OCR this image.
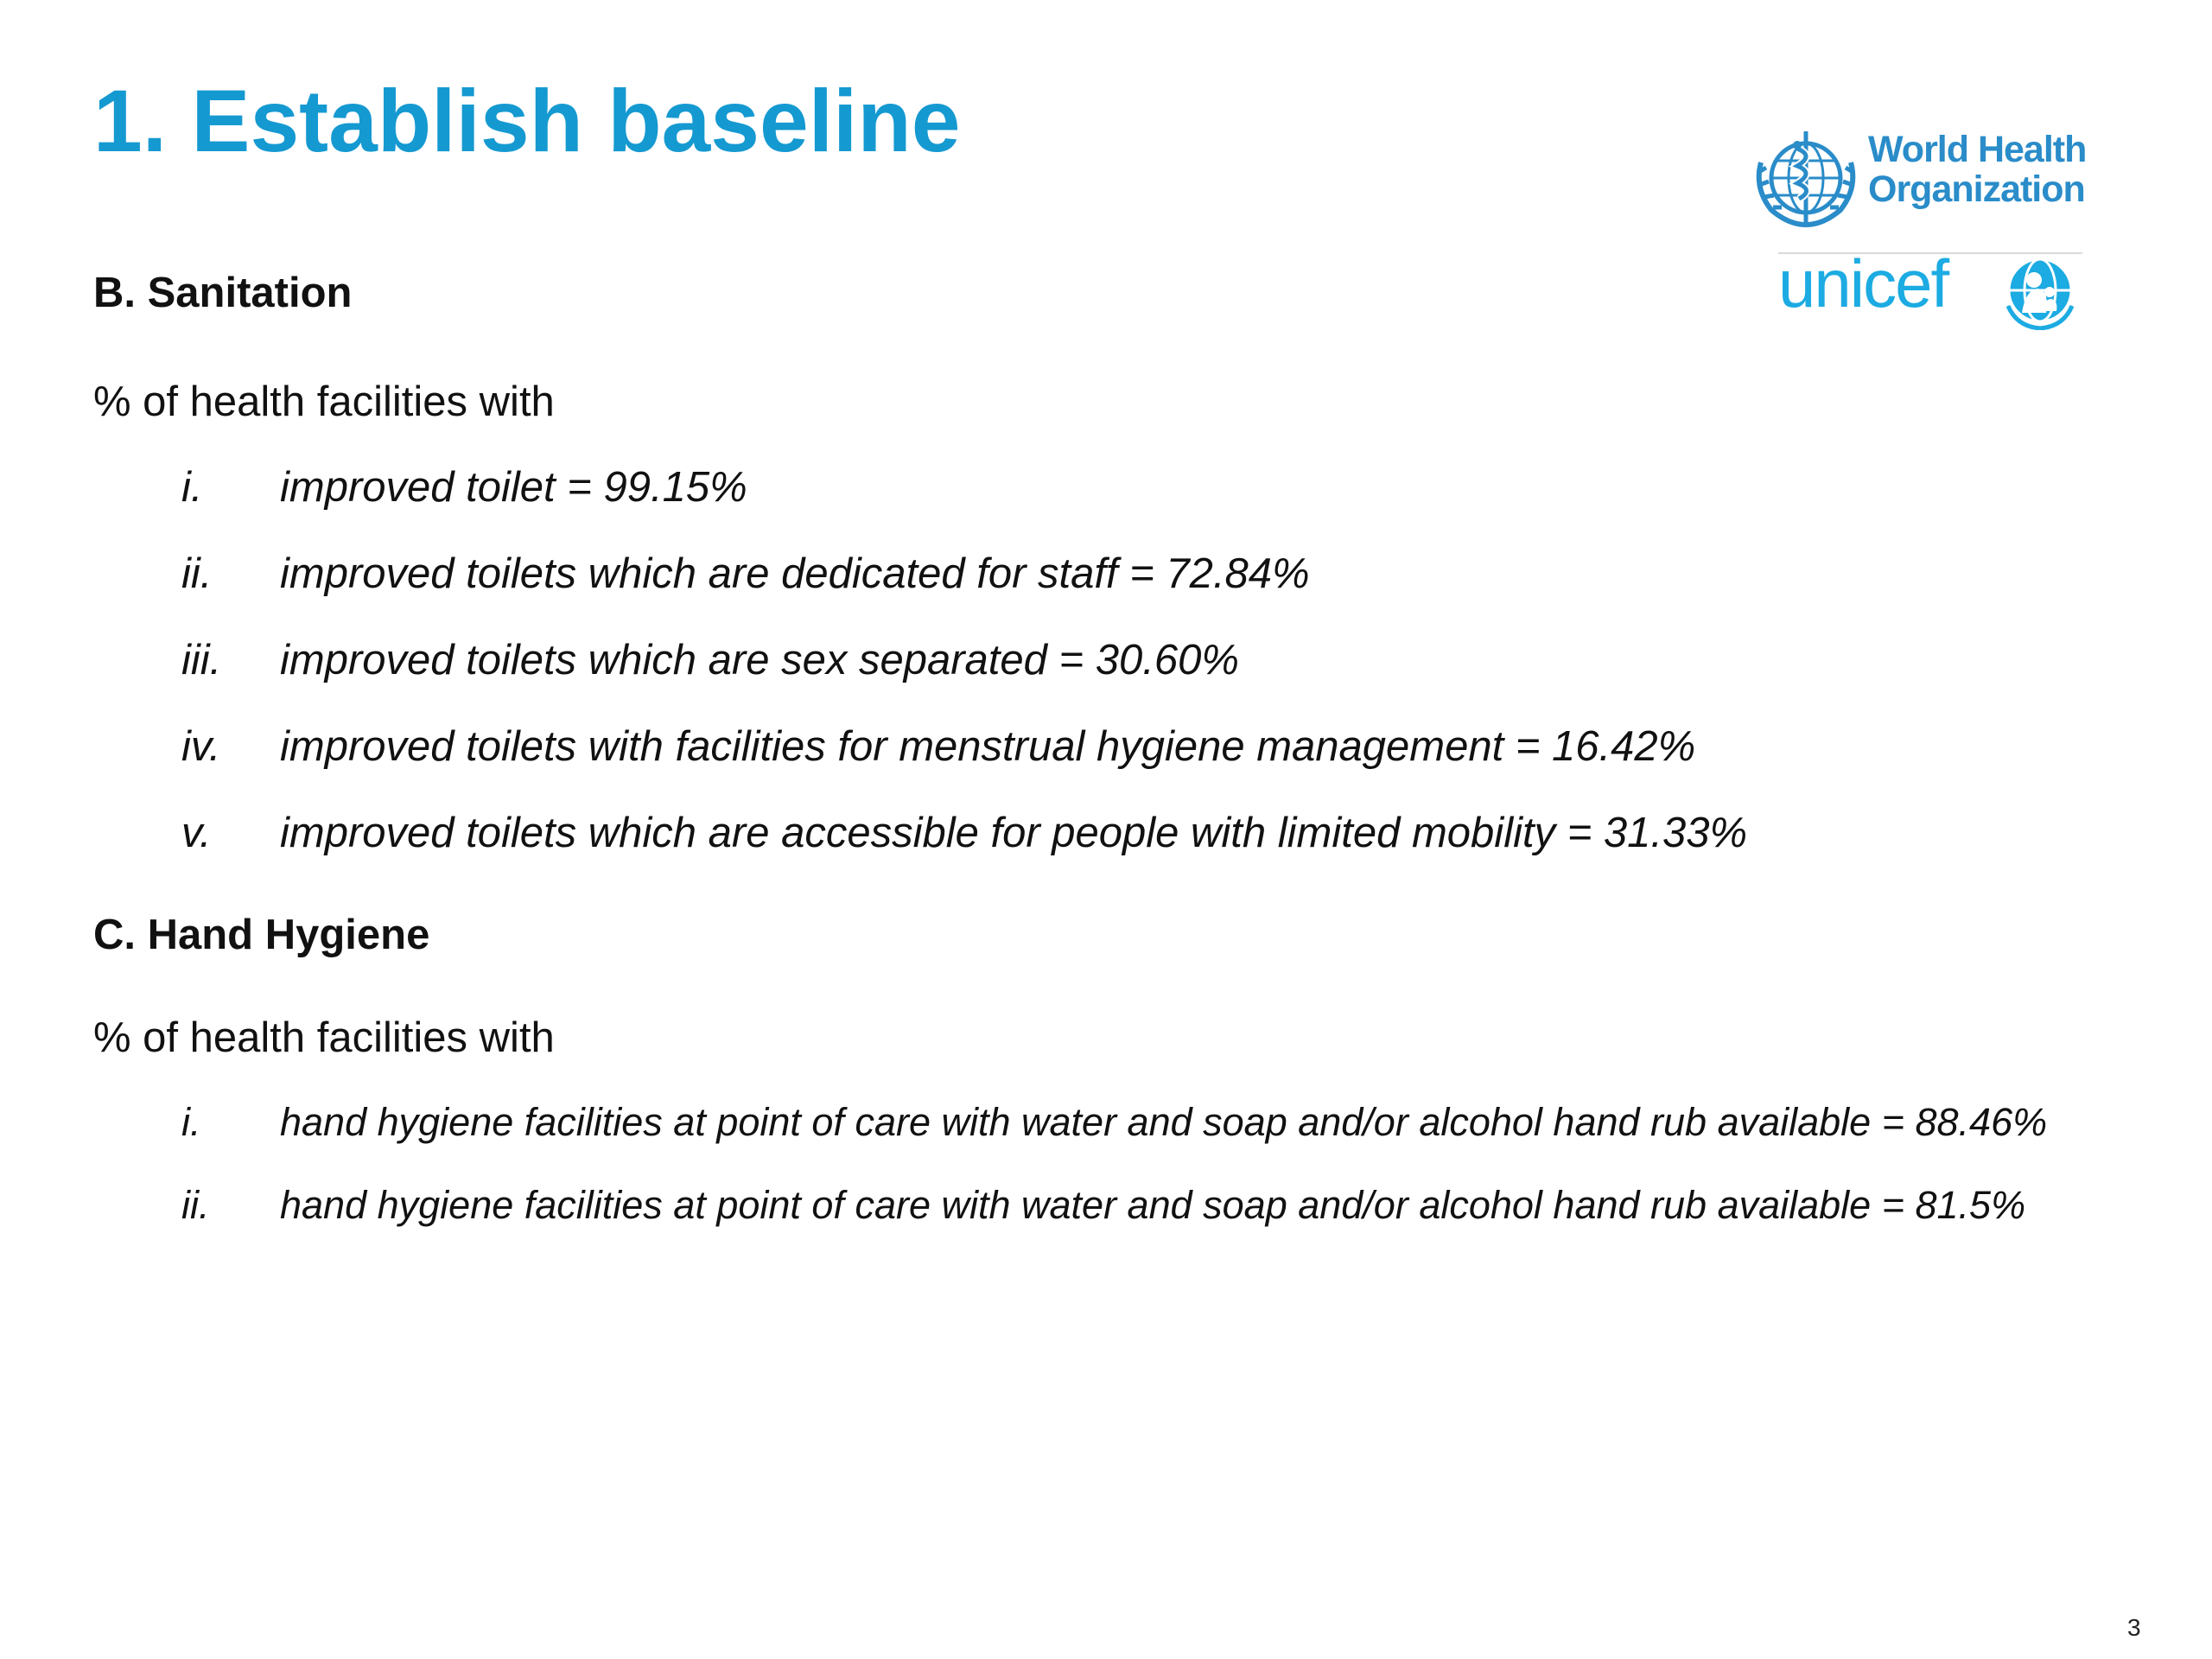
1. Establish baseline	World Health
Organization
unicef
B. Sanitation

% of health facilities with

i. improved toilet = 99.15%
ii. improved toilets which are dedicated for staff = 72.84%
iii. improved toilets which are sex separated = 30.60%
iv. improved toilets with facilities for menstrual hygiene management = 16.42%
v. improved toilets which are accessible for people with limited mobility = 31.33%
C. Hand Hygiene

% of health facilities with

i. hand hygiene facilities at point of care with water and soap and/or alcohol hand rub available = 88.46%
ii. hand hygiene facilities at point of care with water and soap and/or alcohol hand rub available = 81.5%
3
